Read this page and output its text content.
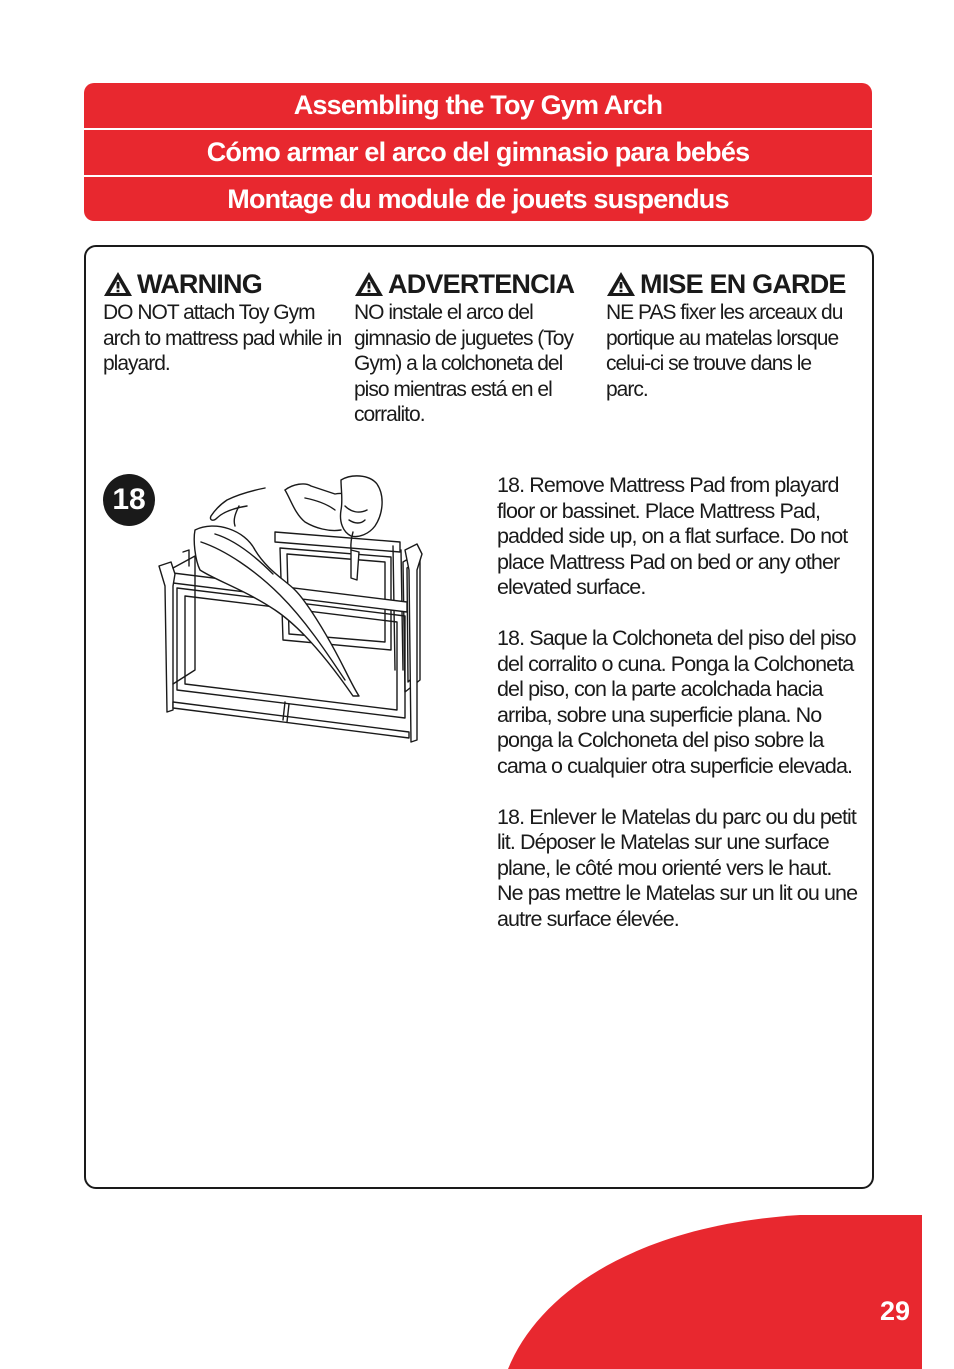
Assembling the Toy Gym Arch
Cómo armar el arco del gimnasio para bebés
Montage du module de jouets suspendus
WARNING
DO NOT attach Toy Gym arch to mattress pad while in playard.
ADVERTENCIA
NO instale el arco del gimnasio de juguetes (Toy Gym) a la colchoneta del piso mientras está en el corralito.
MISE EN GARDE
NE PAS fixer les arceaux du portique au matelas lorsque celui-ci se trouve dans le parc.
18	18. Remove Mattress Pad from playard floor or bassinet. Place Mattress Pad, padded side up, on a flat surface. Do not place Mattress Pad on bed or any other elevated surface.

18. Saque la Colchoneta del piso del piso del corralito o cuna. Ponga la Colchoneta del piso, con la parte acolchada hacia arriba, sobre una superficie plana. No ponga la Colchoneta del piso sobre la cama o cualquier otra superficie elevada.

18. Enlever le Matelas du parc ou du petit lit. Déposer le Matelas sur une surface plane, le côté mou orienté vers le haut. Ne pas mettre le Matelas sur un lit ou une autre surface élevée.

29
